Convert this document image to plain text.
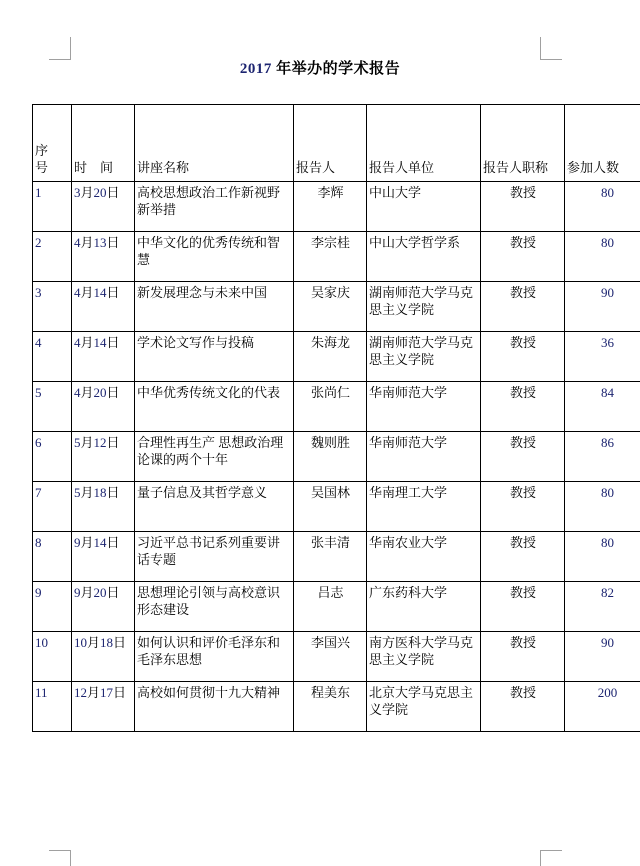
2017 年举办的学术报告
序号	时　间	讲座名称	报告人	报告人单位	报告人职称	参加人数
1	3月20日	高校思想政治工作新视野新举措	李辉	中山大学	教授	80
2	4月13日	中华文化的优秀传统和智慧	李宗桂	中山大学哲学系	教授	80
3	4月14日	新发展理念与未来中国	吴家庆	湖南师范大学马克思主义学院	教授	90
4	4月14日	学术论文写作与投稿	朱海龙	湖南师范大学马克思主义学院	教授	36
5	4月20日	中华优秀传统文化的代表	张尚仁	华南师范大学	教授	84
6	5月12日	合理性再生产 思想政治理论课的两个十年	魏则胜	华南师范大学	教授	86
7	5月18日	量子信息及其哲学意义	吴国林	华南理工大学	教授	80
8	9月14日	习近平总书记系列重要讲话专题	张丰清	华南农业大学	教授	80
9	9月20日	思想理论引领与高校意识形态建设	吕志	广东药科大学	教授	82
10	10月18日	如何认识和评价毛泽东和毛泽东思想	李国兴	南方医科大学马克思主义学院	教授	90
11	12月17日	高校如何贯彻十九大精神	程美东	北京大学马克思主义学院	教授	200
